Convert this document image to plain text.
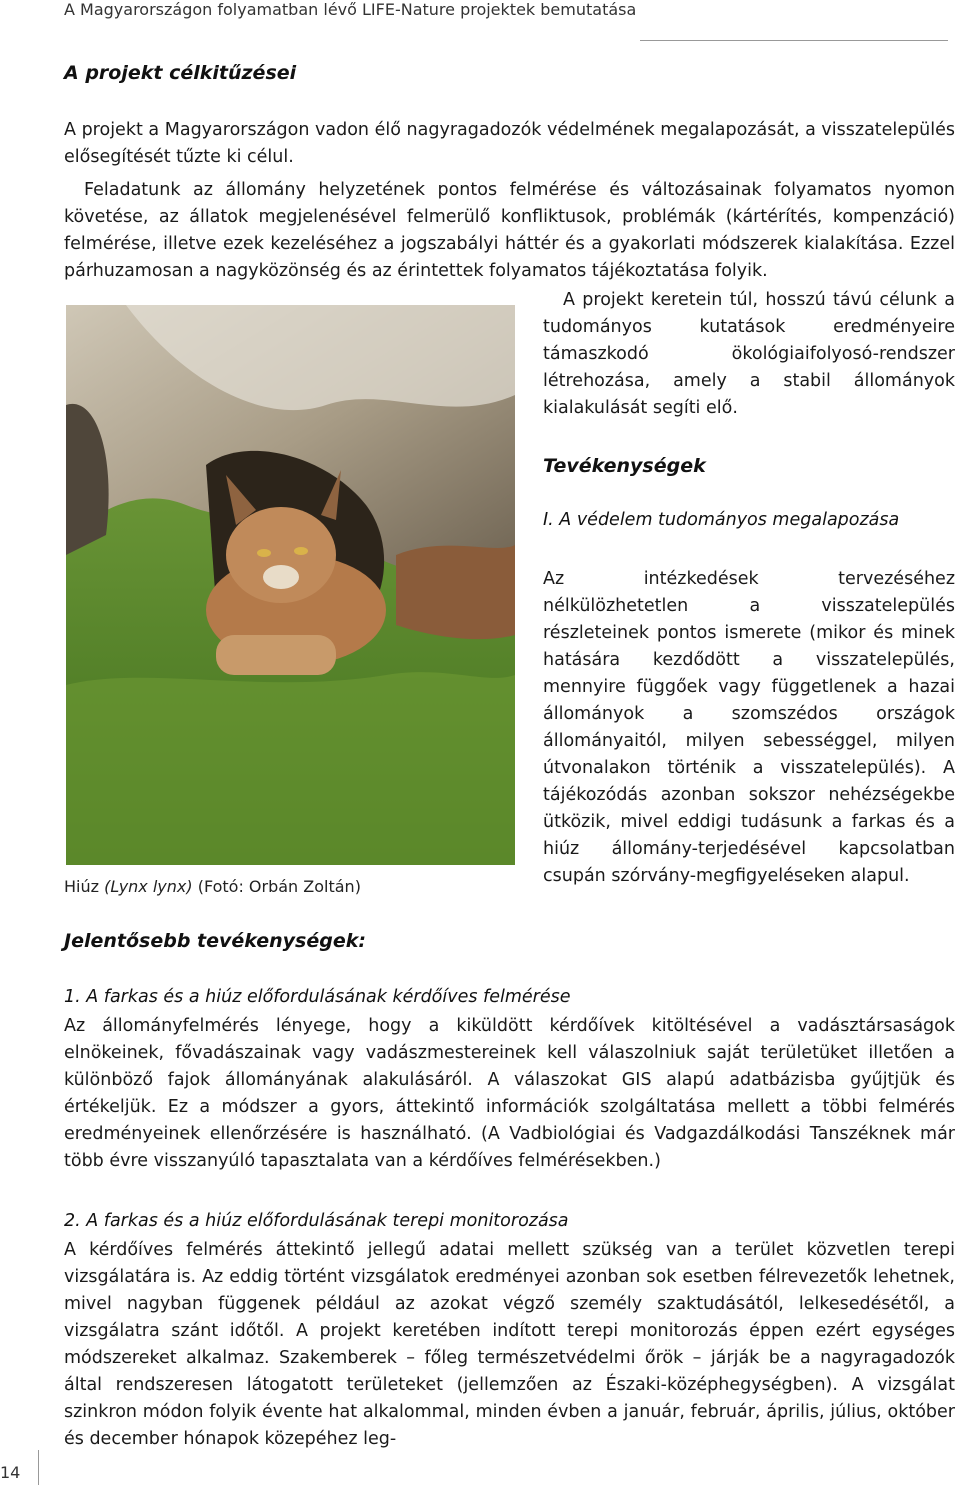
A Magyarországon folyamatban lévő LIFE-Nature projektek bemutatása
A projekt célkitűzései

A projekt a Magyarországon vadon élő nagyragadozók védelmének megalapozását, a visszatelepülés elősegítését tűzte ki célul.

Feladatunk az állomány helyzetének pontos felmérése és változásainak folyamatos nyomon követése, az állatok megjelenésével felmerülő konfliktusok, problémák (kártérítés, kompenzáció) felmérése, illetve ezek kezeléséhez a jogszabályi háttér és a gyakorlati módszerek kialakítása. Ezzel párhuzamosan a nagyközönség és az érintettek folyamatos tájékoztatása folyik.

A projekt keretein túl, hosszú távú célunk a tudományos kutatások eredményeire támaszkodó ökológiaifolyosó-rendszer létrehozása, amely a stabil állományok kialakulását segíti elő.

Hiúz (Lynx lynx) (Fotó: Orbán Zoltán)
Tevékenységek
I. A védelem tudományos megalapozása

Az intézkedések tervezéséhez nélkülözhetetlen a visszatelepülés részleteinek pontos ismerete (mikor és minek hatására kezdődött a visszatelepülés, mennyire függőek vagy függetlenek a hazai állományok a szomszédos országok állományaitól, milyen sebességgel, milyen útvonalakon történik a visszatelepülés). A tájékozódás azonban sokszor nehézségekbe ütközik, mivel eddigi tudásunk a farkas és a hiúz állomány-terjedésével kapcsolatban csupán szórvány-megfigyeléseken alapul.

Jelentősebb tevékenységek:
1. A farkas és a hiúz előfordulásának kérdőíves felmérése

Az állományfelmérés lényege, hogy a kiküldött kérdőívek kitöltésével a vadásztársaságok elnökeinek, fővadászainak vagy vadászmestereinek kell válaszolniuk saját területüket illetően a különböző fajok állományának alakulásáról. A válaszokat GIS alapú adatbázisba gyűjtjük és értékeljük. Ez a módszer a gyors, áttekintő információk szolgáltatása mellett a többi felmérés eredményeinek ellenőrzésére is használható. (A Vadbiológiai és Vadgazdálkodási Tanszéknek már több évre visszanyúló tapasztalata van a kérdőíves felmérésekben.)

2. A farkas és a hiúz előfordulásának terepi monitorozása

A kérdőíves felmérés áttekintő jellegű adatai mellett szükség van a terület közvetlen terepi vizsgálatára is. Az eddig történt vizsgálatok eredményei azonban sok esetben félrevezetők lehetnek, mivel nagyban függenek például az azokat végző személy szaktudásától, lelkesedésétől, a vizsgálatra szánt időtől. A projekt keretében indított terepi monitorozás éppen ezért egységes módszereket alkalmaz. Szakemberek – főleg természetvédelmi őrök – járják be a nagyragadozók által rendszeresen látogatott területeket (jellemzően az Északi-középhegységben). A vizsgálat szinkron módon folyik évente hat alkalommal, minden évben a január, február, április, július, október és december hónapok közepéhez leg-

14
